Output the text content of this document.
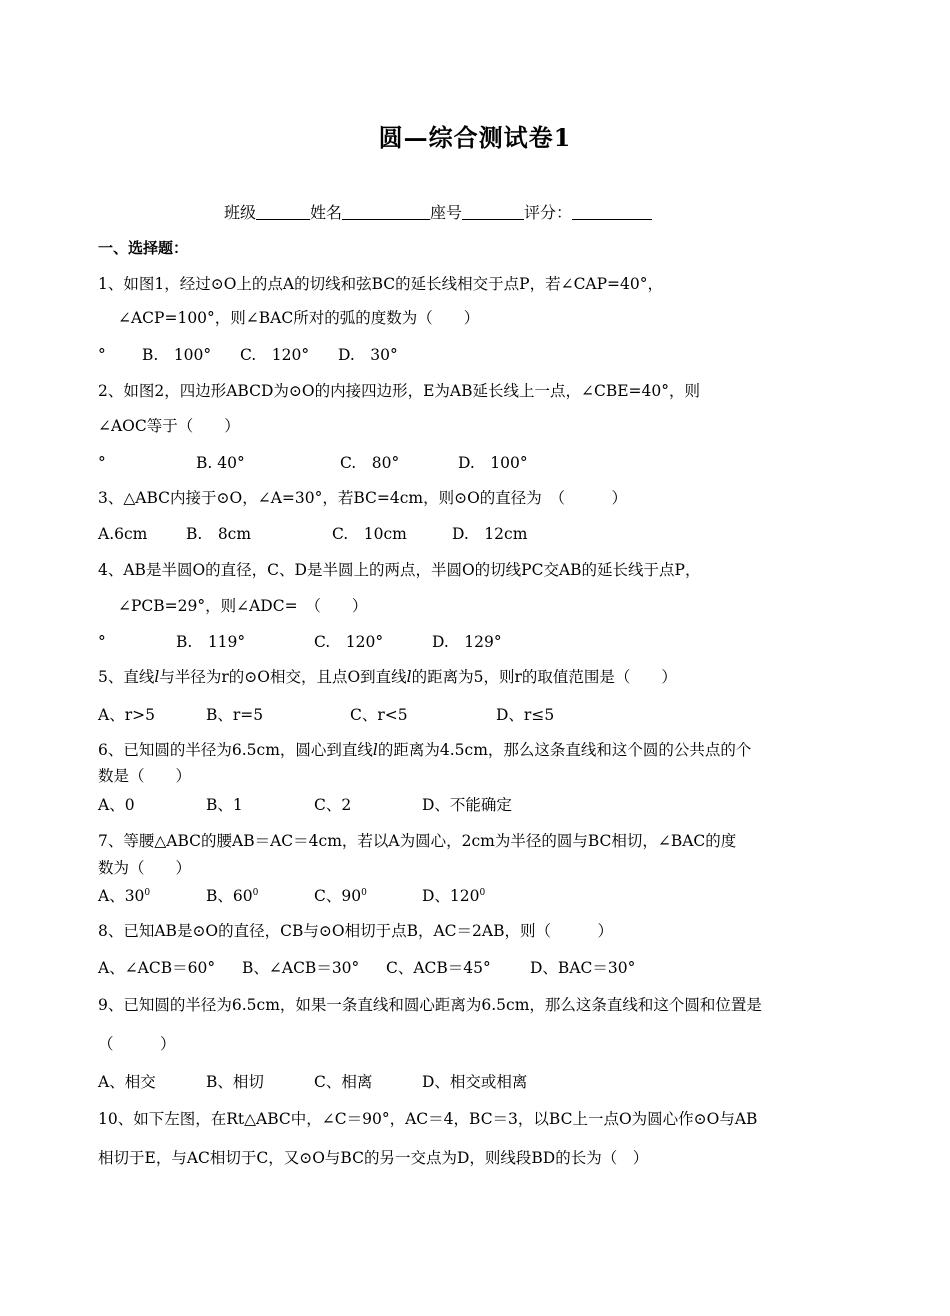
圆—综合测试卷1
班级	姓名	座号	评分：
一、选择题：
1、如图1，经过⊙O上的点A的切线和弦BC的延长线相交于点P，若∠CAP=40°，
∠ACP=100°，则∠BAC所对的弧的度数为（　　）
° B.　100° C.　120° D.　30°
2、如图2，四边形ABCD为⊙O的内接四边形，E为AB延长线上一点，∠CBE=40°，则
∠AOC等于（　　）
°	B. 40°	C.　80°	D.　100°
3、△ABC内接于⊙O，∠A=30°，若BC=4cm，则⊙O的直径为　（　　　）
A.6cm B.　8cm	C.　10cm	D.　12cm
4、AB是半圆O的直径，C、D是半圆上的两点，半圆O的切线PC交AB的延长线于点P，
∠PCB=29°，则∠ADC=　（　　）
°	B.　119°	C.　120°	D.　129°
5、直线l与半径为r的⊙O相交，且点O到直线l的距离为5，则r的取值范围是（　　）
A、r>5	B、r=5	C、r<5	D、r≤5
6、已知圆的半径为6.5cm，圆心到直线l的距离为4.5cm，那么这条直线和这个圆的公共点的个
数是（　　）
A、0	B、1	C、2	D、不能确定
7、等腰△ABC的腰AB＝AC＝4cm，若以A为圆心，2cm为半径的圆与BC相切，∠BAC的度
数为（　　）
A、$30^0$	B、$60^0$	C、$90^0$	D、$120^0$
8、已知AB是⊙O的直径，CB与⊙O相切于点B，AC＝2AB，则（　　　）
A、∠ACB＝60° B、∠ACB＝30° C、ACB＝45°	D、BAC＝30°
9、已知圆的半径为6.5cm，如果一条直线和圆心距离为6.5cm，那么这条直线和这个圆和位置是
（　　　）
A、相交	B、相切	C、相离	D、相交或相离
10、如下左图，在Rt△ABC中，∠C＝90°，AC＝4，BC＝3，以BC上一点O为圆心作⊙O与AB
相切于E，与AC相切于C，又⊙O与BC的另一交点为D，则线段BD的长为（　）
